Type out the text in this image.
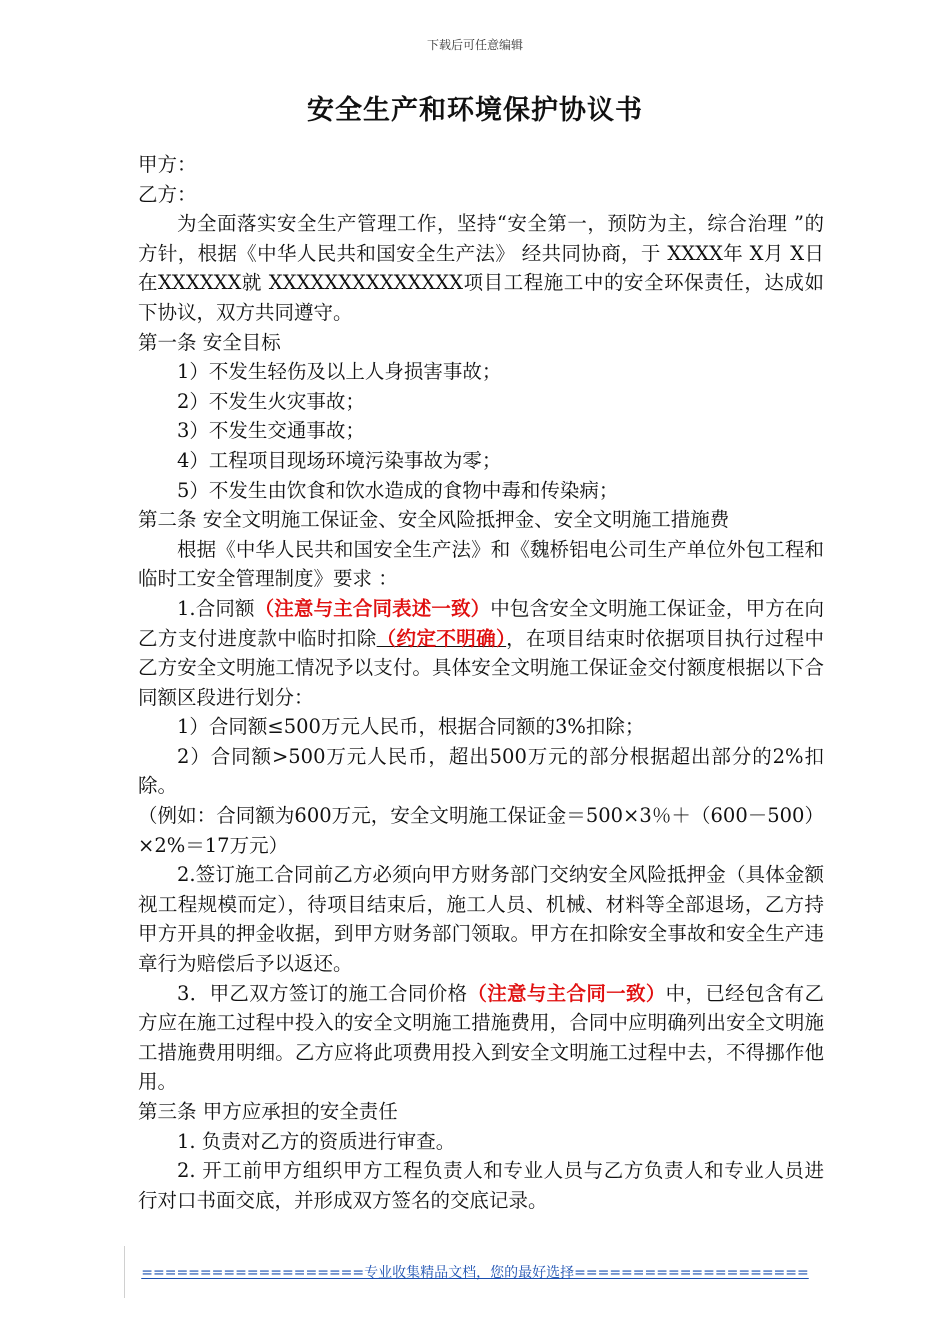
下载后可任意编辑
安全生产和环境保护协议书

甲方：

乙方：

为全面落实安全生产管理工作，坚持“安全第一，预防为主，综合治理 ”的方针，根据《中华人民共和国安全生产法》 经共同协商，于 XXXX年 X月 X日在XXXXXX就 XXXXXXXXXXXXXX项目工程施工中的安全环保责任，达成如下协议，双方共同遵守。

第一条 安全目标

1）不发生轻伤及以上人身损害事故；

2）不发生火灾事故；

3）不发生交通事故；

4）工程项目现场环境污染事故为零；

5）不发生由饮食和饮水造成的食物中毒和传染病；

第二条 安全文明施工保证金、安全风险抵押金、安全文明施工措施费

根据《中华人民共和国安全生产法》和《魏桥铝电公司生产单位外包工程和临时工安全管理制度》要求 ：

1.合同额（注意与主合同表述一致）中包含安全文明施工保证金，甲方在向乙方支付进度款中临时扣除（约定不明确），在项目结束时依据项目执行过程中乙方安全文明施工情况予以支付。具体安全文明施工保证金交付额度根据以下合同额区段进行划分：

1）合同额≤500万元人民币，根据合同额的3%扣除；

2）合同额>500万元人民币，超出500万元的部分根据超出部分的2%扣除。

（例如：合同额为600万元，安全文明施工保证金＝500×3％＋（600－500）×2%＝17万元）

2.签订施工合同前乙方必须向甲方财务部门交纳安全风险抵押金（具体金额视工程规模而定），待项目结束后，施工人员、机械、材料等全部退场，乙方持甲方开具的押金收据，到甲方财务部门领取。甲方在扣除安全事故和安全生产违章行为赔偿后予以返还。

3．甲乙双方签订的施工合同价格（注意与主合同一致）中，已经包含有乙方应在施工过程中投入的安全文明施工措施费用，合同中应明确列出安全文明施工措施费用明细。乙方应将此项费用投入到安全文明施工过程中去，不得挪作他用。

第三条 甲方应承担的安全责任

1. 负责对乙方的资质进行审查。

2. 开工前甲方组织甲方工程负责人和专业人员与乙方负责人和专业人员进行对口书面交底，并形成双方签名的交底记录。

===================专业收集精品文档，您的最好选择====================
